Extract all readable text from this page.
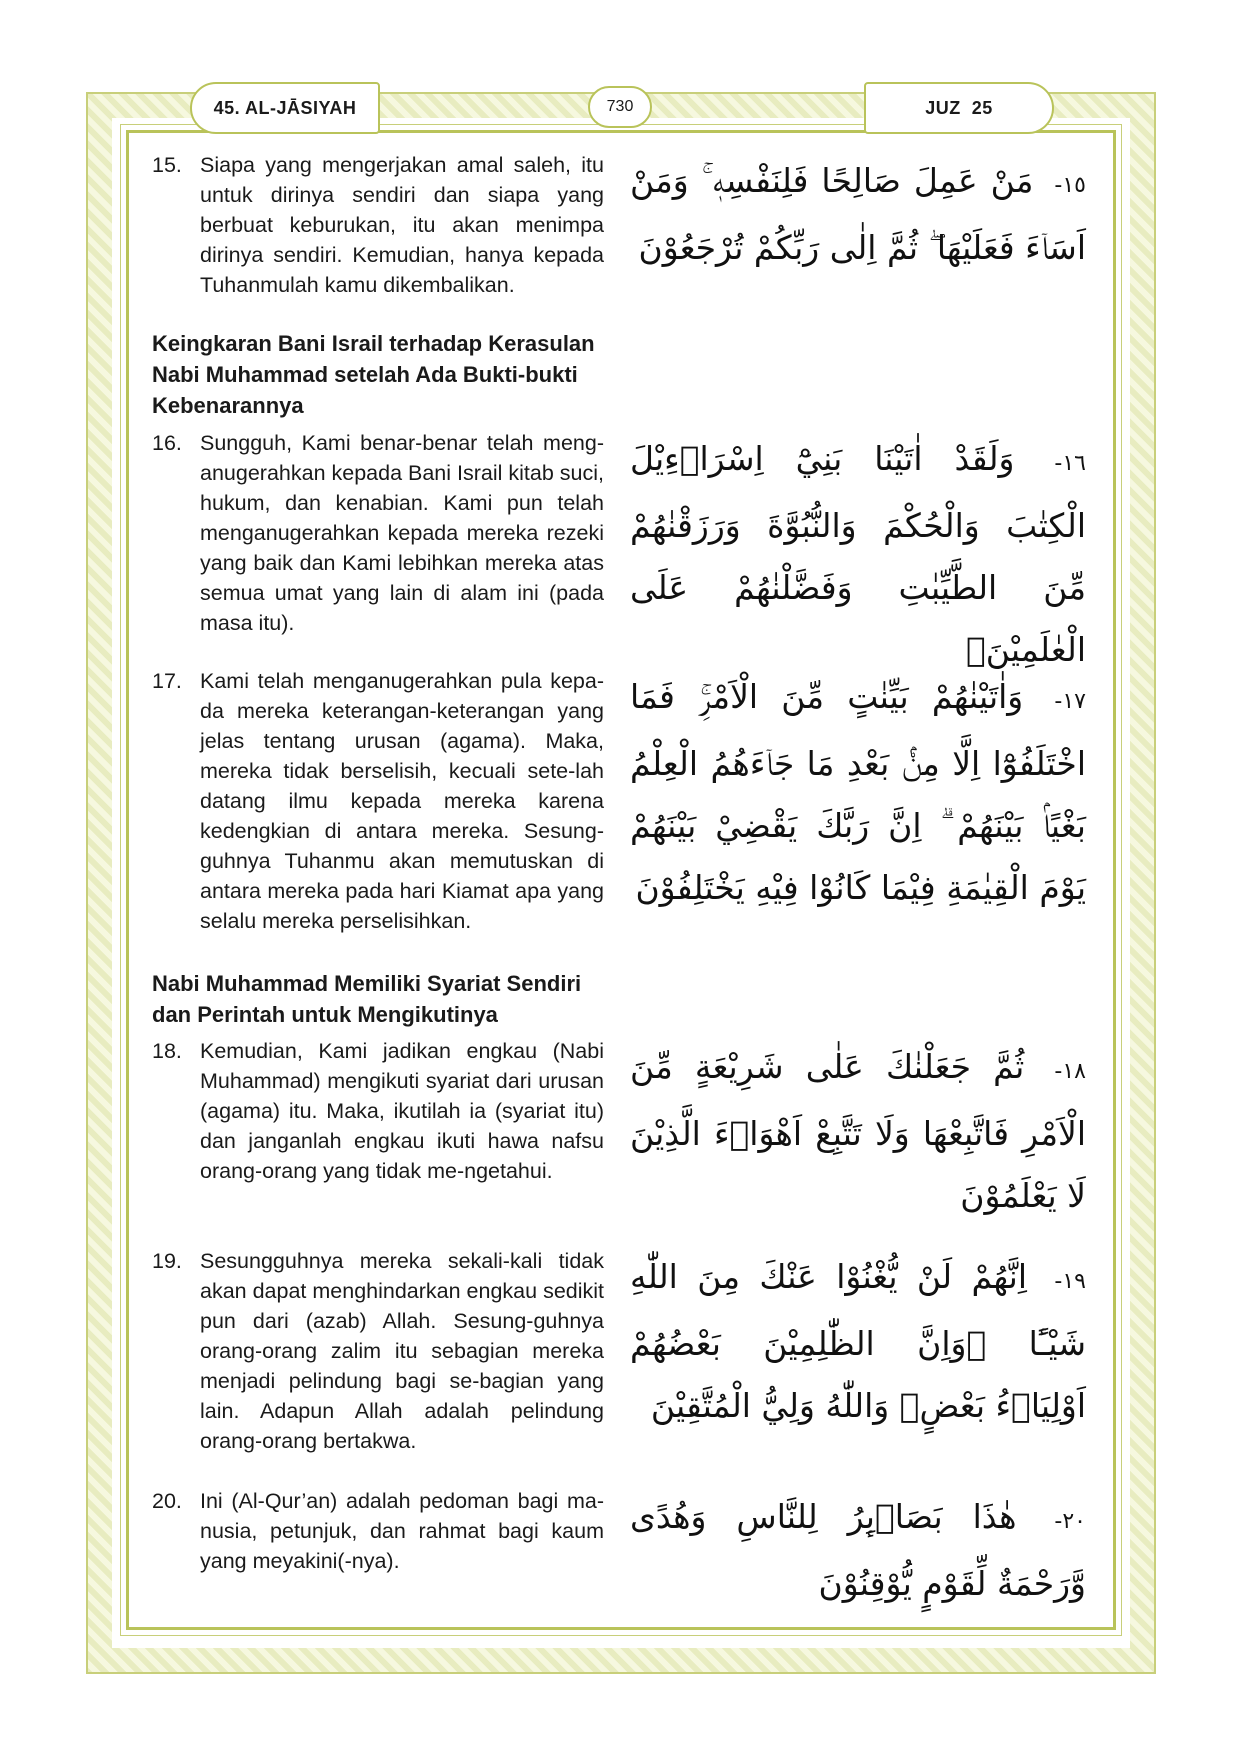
45. AL-JĀSIYAH	730	JUZ  25
15. Siapa yang mengerjakan amal saleh, itu untuk dirinya sendiri dan siapa yang berbuat keburukan, itu akan menimpa dirinya sendiri. Kemudian, hanya kepada Tuhanmulah kamu dikembalikan.
١٥- مَنْ عَمِلَ صَالِحًا فَلِنَفْسِهٖ ۚ وَمَنْ اَسَاۤءَ فَعَلَيْهَا ۖ ثُمَّ اِلٰى رَبِّكُمْ تُرْجَعُوْنَ
Keingkaran Bani Israil terhadap Kerasulan Nabi Muhammad setelah Ada Bukti-bukti Kebenarannya
16. Sungguh, Kami benar-benar telah meng-anugerahkan kepada Bani Israil kitab suci, hukum, dan kenabian. Kami pun telah menganugerahkan kepada mereka rezeki yang baik dan Kami lebihkan mereka atas semua umat yang lain di alam ini (pada masa itu).
١٦- وَلَقَدْ اٰتَيْنَا بَنِيْٓ اِسْرَاۤءِيْلَ الْكِتٰبَ وَالْحُكْمَ وَالنُّبُوَّةَ وَرَزَقْنٰهُمْ مِّنَ الطَّيِّبٰتِ وَفَضَّلْنٰهُمْ عَلَى الْعٰلَمِيْنَۚ
17. Kami telah menganugerahkan pula kepa-da mereka keterangan-keterangan yang jelas tentang urusan (agama). Maka, mereka tidak berselisih, kecuali sete-lah datang ilmu kepada mereka karena kedengkian di antara mereka. Sesung-guhnya Tuhanmu akan memutuskan di antara mereka pada hari Kiamat apa yang selalu mereka perselisihkan.
١٧- وَاٰتَيْنٰهُمْ بَيِّنٰتٍ مِّنَ الْاَمْرِۚ فَمَا اخْتَلَفُوْٓا اِلَّا مِنْۢ بَعْدِ مَا جَاۤءَهُمُ الْعِلْمُ بَغْيًاۢ بَيْنَهُمْ ۗ اِنَّ رَبَّكَ يَقْضِيْ بَيْنَهُمْ يَوْمَ الْقِيٰمَةِ فِيْمَا كَانُوْا فِيْهِ يَخْتَلِفُوْنَ
Nabi Muhammad Memiliki Syariat Sendiri dan Perintah untuk Mengikutinya
18. Kemudian, Kami jadikan engkau (Nabi Muhammad) mengikuti syariat dari urusan (agama) itu. Maka, ikutilah ia (syariat itu) dan janganlah engkau ikuti hawa nafsu orang-orang yang tidak me-ngetahui.
١٨- ثُمَّ جَعَلْنٰكَ عَلٰى شَرِيْعَةٍ مِّنَ الْاَمْرِ فَاتَّبِعْهَا وَلَا تَتَّبِعْ اَهْوَاۤءَ الَّذِيْنَ لَا يَعْلَمُوْنَ
19. Sesungguhnya mereka sekali-kali tidak akan dapat menghindarkan engkau sedikit pun dari (azab) Allah. Sesung-guhnya orang-orang zalim itu sebagian mereka menjadi pelindung bagi se-bagian yang lain. Adapun Allah adalah pelindung orang-orang bertakwa.
١٩- اِنَّهُمْ لَنْ يُّغْنُوْا عَنْكَ مِنَ اللّٰهِ شَيْـًٔا ۗوَاِنَّ الظّٰلِمِيْنَ بَعْضُهُمْ اَوْلِيَاۤءُ بَعْضٍۚ وَاللّٰهُ وَلِيُّ الْمُتَّقِيْنَ
20. Ini (Al-Qur’an) adalah pedoman bagi ma-nusia, petunjuk, dan rahmat bagi kaum yang meyakini(-nya).
٢٠- هٰذَا بَصَاۤىِٕرُ لِلنَّاسِ وَهُدًى وَّرَحْمَةٌ لِّقَوْمٍ يُّوْقِنُوْنَ
